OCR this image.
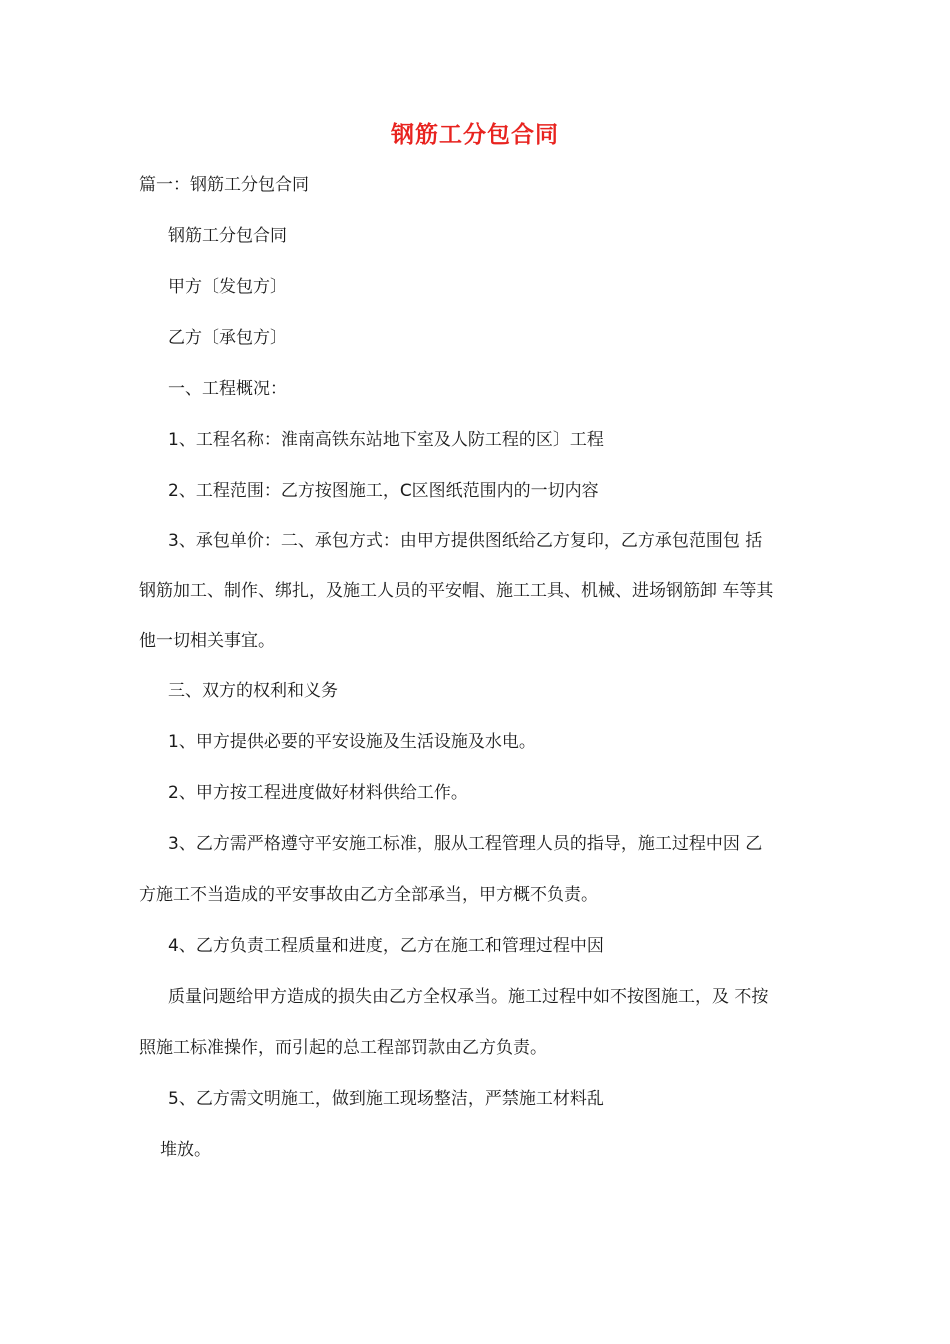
钢筋工分包合同
篇一：钢筋工分包合同
钢筋工分包合同
甲方〔发包方〕
乙方〔承包方〕
一、工程概况：
1、工程名称：淮南高铁东站地下室及人防工程的区〕工程
2、工程范围：乙方按图施工，C区图纸范围内的一切内容
3、承包单价：二、承包方式：由甲方提供图纸给乙方复印，乙方承包范围包 括
钢筋加工、制作、绑扎，及施工人员的平安帽、施工工具、机械、进场钢筋卸 车等其
他一切相关事宜。
三、双方的权利和义务
1、甲方提供必要的平安设施及生活设施及水电。
2、甲方按工程进度做好材料供给工作。
3、乙方需严格遵守平安施工标准，服从工程管理人员的指导，施工过程中因 乙
方施工不当造成的平安事故由乙方全部承当，甲方概不负责。
4、乙方负责工程质量和进度，乙方在施工和管理过程中因
质量问题给甲方造成的损失由乙方全权承当。施工过程中如不按图施工，及 不按
照施工标准操作，而引起的总工程部罚款由乙方负责。
5、乙方需文明施工，做到施工现场整洁，严禁施工材料乱
堆放。
